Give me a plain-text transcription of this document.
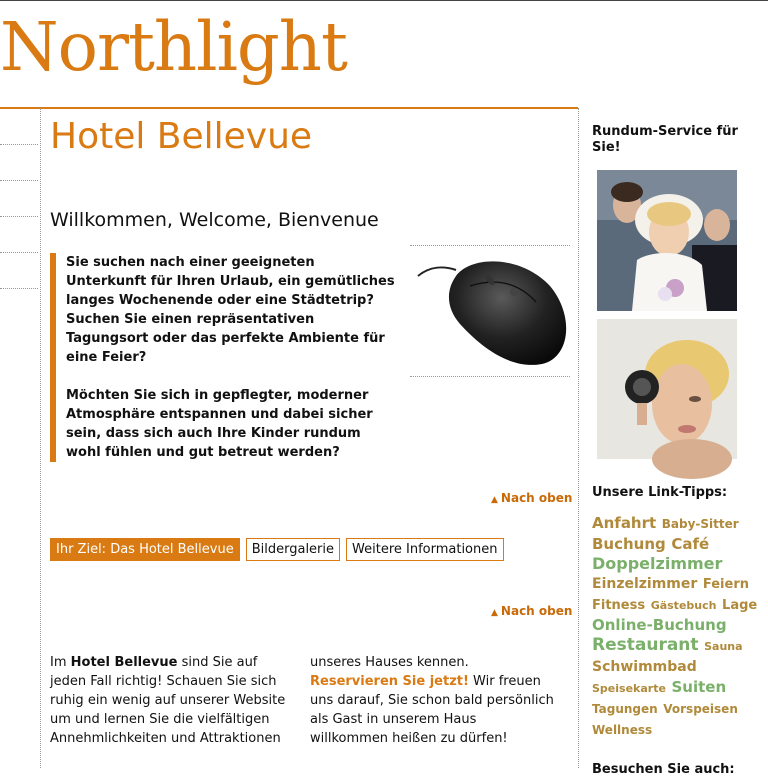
Northlight
Hotel Bellevue
Willkommen, Welcome, Bienvenue

Sie suchen nach einer geeigneten Unterkunft für Ihren Urlaub, ein gemütliches langes Wochenende oder eine Städtetrip? Suchen Sie einen repräsentativen Tagungsort oder das perfekte Ambiente für eine Feier?

Möchten Sie sich in gepflegter, moderner Atmosphäre entspannen und dabei sicher sein, dass sich auch Ihre Kinder rundum wohl fühlen und gut betreut werden?

▲ Nach oben
Ihr Ziel: Das Hotel Bellevue	Bildergalerie	Weitere Informationen
▲ Nach oben
Im Hotel Bellevue sind Sie auf jeden Fall richtig! Schauen Sie sich ruhig ein wenig auf unserer Website um und lernen Sie die vielfältigen Annehmlichkeiten und Attraktionen
unseres Hauses kennen. Reservieren Sie jetzt! Wir freuen uns darauf, Sie schon bald persönlich als Gast in unserem Haus willkommen heißen zu dürfen!
Rundum-Service für Sie!
Unsere Link-Tipps:
Anfahrt Baby-Sitter Buchung Café Doppelzimmer Einzelzimmer Feiern Fitness Gästebuch Lage Online-Buchung Restaurant Sauna Schwimmbad Speisekarte Suiten Tagungen Vorspeisen Wellness
Besuchen Sie auch:
